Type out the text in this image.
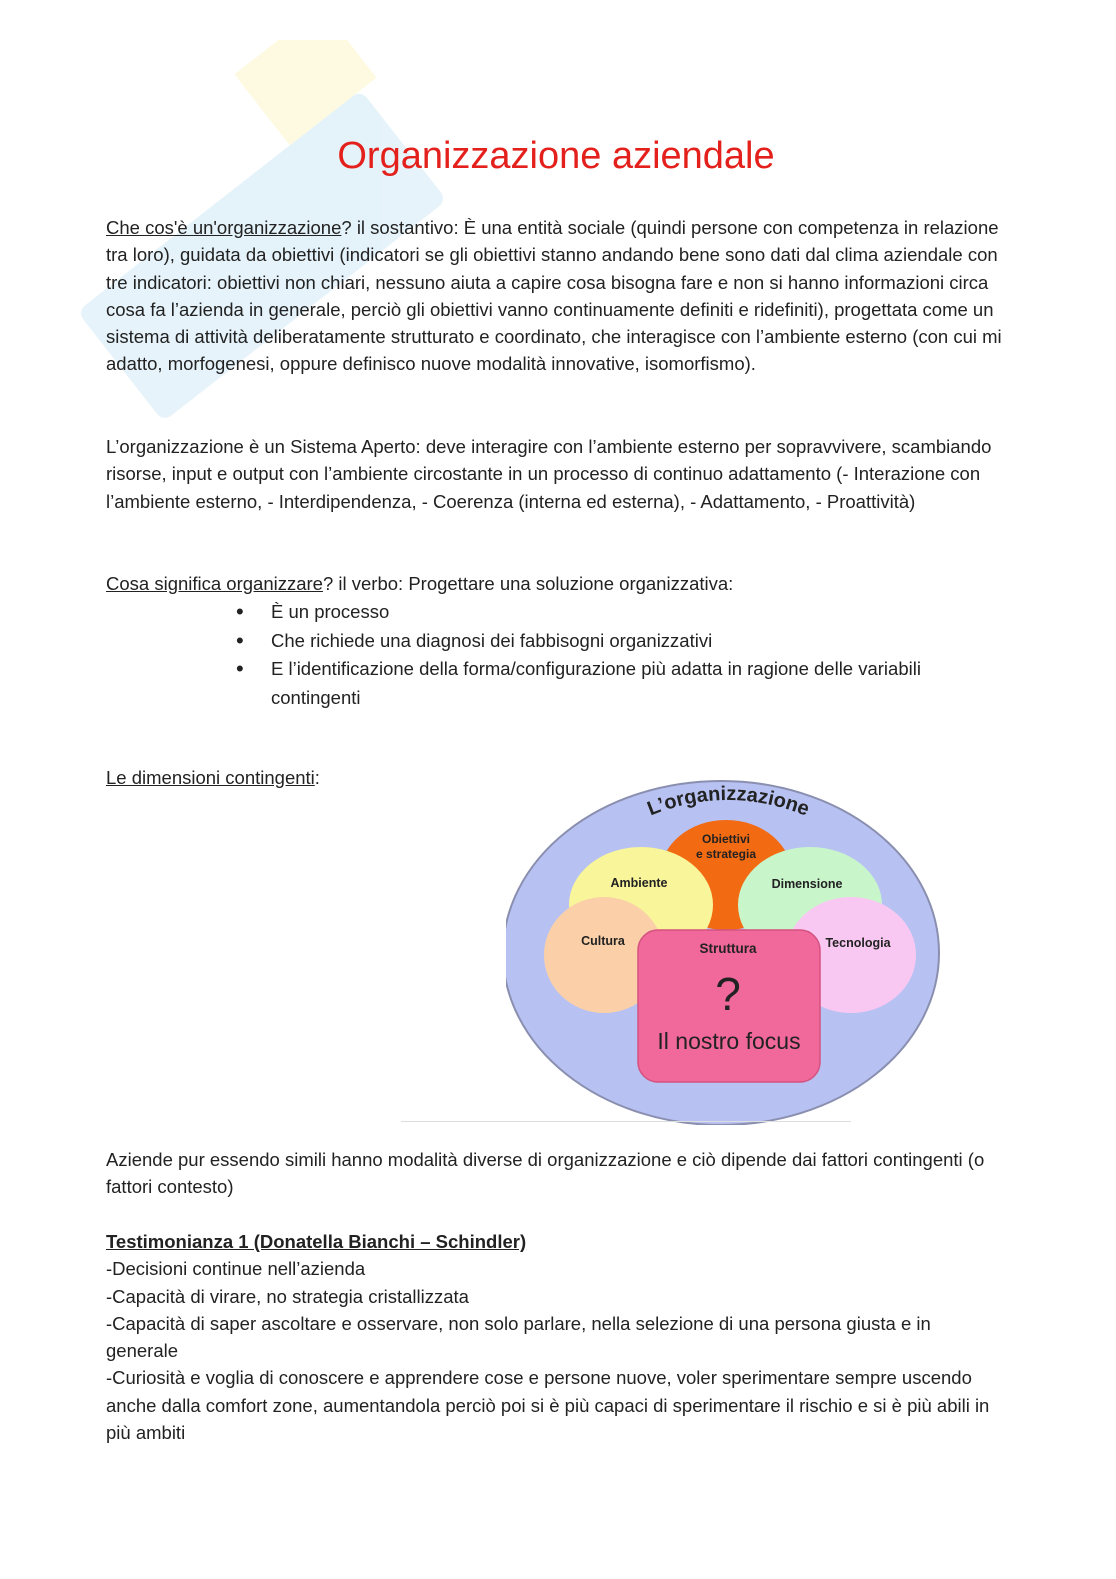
Organizzazione aziendale

Che cos'è un'organizzazione? il sostantivo: È una entità sociale (quindi persone con competenza in relazione tra loro), guidata da obiettivi (indicatori se gli obiettivi stanno andando bene sono dati dal clima aziendale con tre indicatori: obiettivi non chiari, nessuno aiuta a capire cosa bisogna fare e non si hanno informazioni circa cosa fa l’azienda in generale, perciò gli obiettivi vanno continuamente definiti e ridefiniti), progettata come un sistema di attività deliberatamente strutturato e coordinato, che interagisce con l’ambiente esterno (con cui mi adatto, morfogenesi, oppure definisco nuove modalità innovative, isomorfismo).

L’organizzazione è un Sistema Aperto: deve interagire con l’ambiente esterno per sopravvivere, scambiando risorse, input e output con l’ambiente circostante in un processo di continuo adattamento (- Interazione con l’ambiente esterno, - Interdipendenza, - Coerenza (interna ed esterna), - Adattamento, - Proattività)

Cosa significa organizzare? il verbo: Progettare una soluzione organizzativa:

• È un processo
• Che richiede una diagnosi dei fabbisogni organizzativi
• E l’identificazione della forma/configurazione più adatta in ragione delle variabili contingenti

Le dimensioni contingenti:

L’organizzazione
Obiettivi
e strategia
Ambiente	Dimensione
Cultura	Tecnologia
Struttura
?
Il nostro focus

Aziende pur essendo simili hanno modalità diverse di organizzazione e ciò dipende dai fattori contingenti (o fattori contesto)

Testimonianza 1 (Donatella Bianchi – Schindler)

-Decisioni continue nell’azienda

-Capacità di virare, no strategia cristallizzata

-Capacità di saper ascoltare e osservare, non solo parlare, nella selezione di una persona giusta e in generale

-Curiosità e voglia di conoscere e apprendere cose e persone nuove, voler sperimentare sempre uscendo anche dalla comfort zone, aumentandola perciò poi si è più capaci di sperimentare il rischio e si è più abili in più ambiti
